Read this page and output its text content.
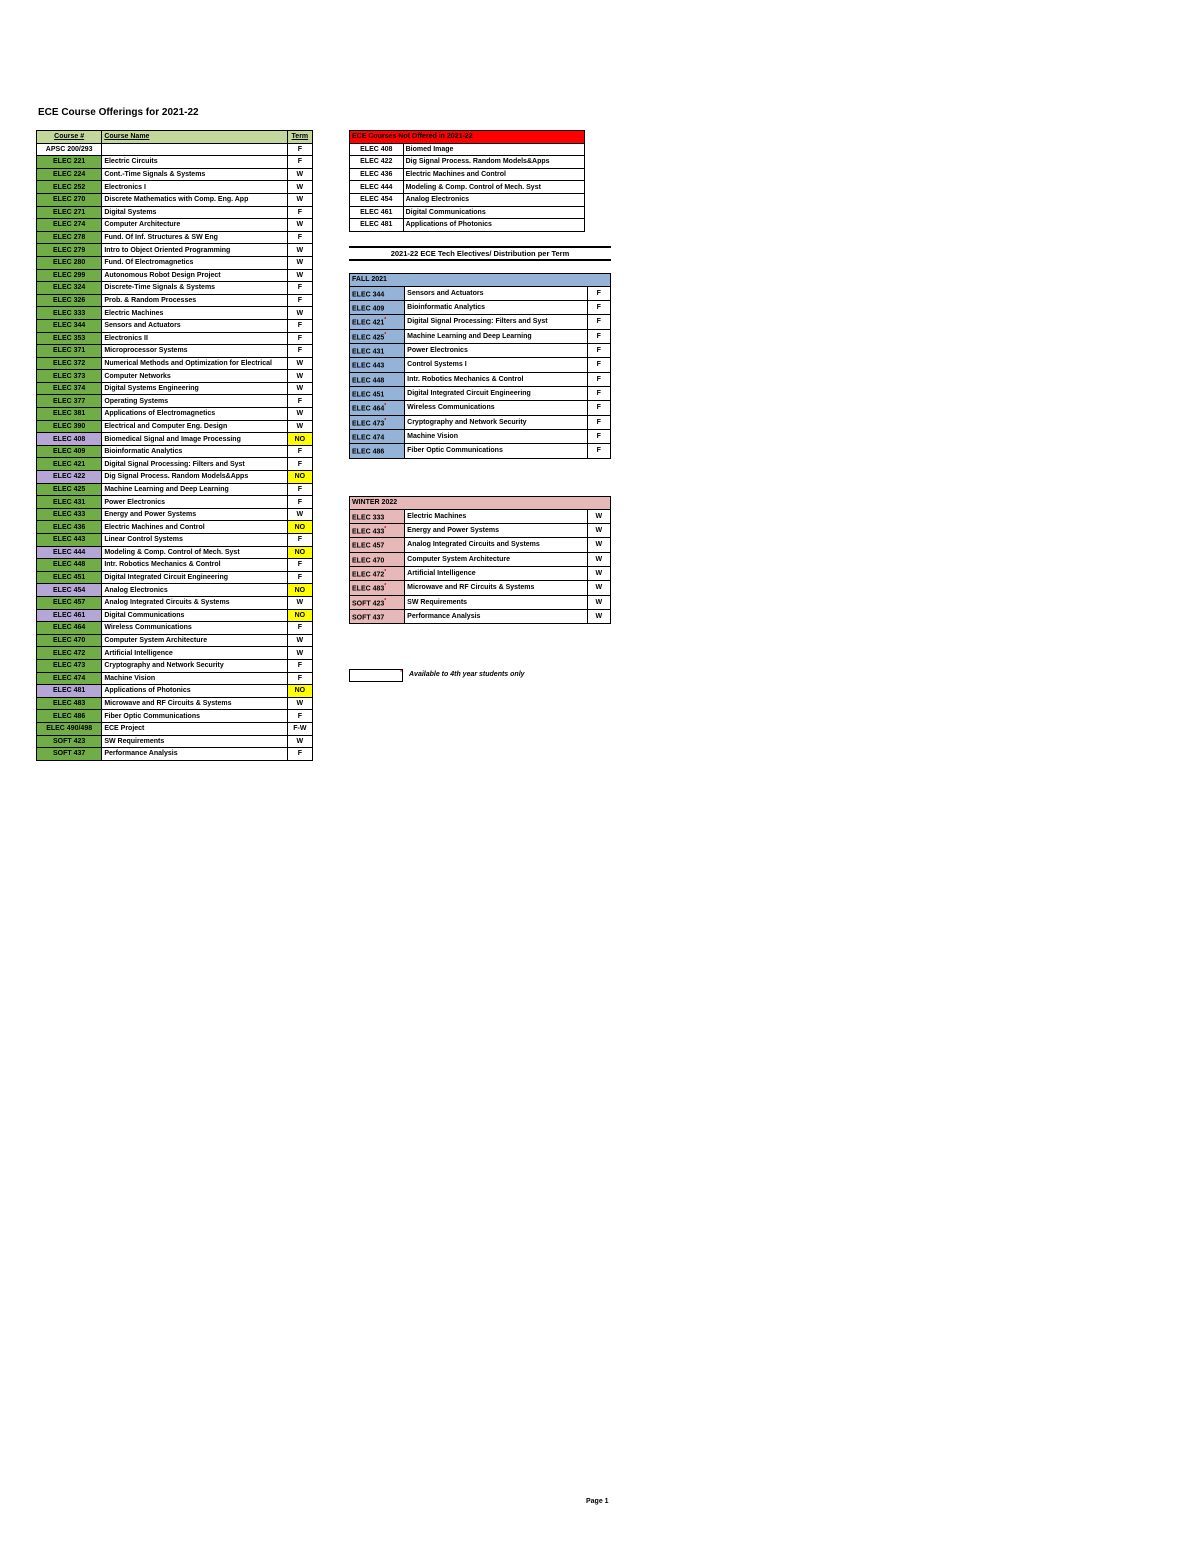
ECE Course Offerings for 2021-22
Course #	Course Name	Term
APSC 200/293		F
ELEC 221	Electric Circuits	F
ELEC 224	Cont.-Time Signals & Systems	W
ELEC 252	Electronics I	W
ELEC 270	Discrete Mathematics with Comp. Eng. App	W
ELEC 271	Digital Systems	F
ELEC 274	Computer Architecture	W
ELEC 278	Fund. Of Inf. Structures & SW Eng	F
ELEC 279	Intro to Object Oriented Programming	W
ELEC 280	Fund. Of Electromagnetics	W
ELEC 299	Autonomous Robot Design Project	W
ELEC 324	Discrete-Time Signals & Systems	F
ELEC 326	Prob. & Random Processes	F
ELEC 333	Electric Machines	W
ELEC 344	Sensors and Actuators	F
ELEC 353	Electronics II	F
ELEC 371	Microprocessor Systems	F
ELEC 372	Numerical Methods and Optimization for Electrical	W
ELEC 373	Computer Networks	W
ELEC 374	Digital Systems Engineering	W
ELEC 377	Operating Systems	F
ELEC 381	Applications of Electromagnetics	W
ELEC 390	Electrical and Computer Eng. Design	W
ELEC 408	Biomedical Signal and Image Processing	NO
ELEC 409	Bioinformatic Analytics	F
ELEC 421	Digital Signal Processing: Filters and Syst	F
ELEC 422	Dig Signal Process. Random Models&Apps	NO
ELEC 425	Machine Learning and Deep Learning	F
ELEC 431	Power Electronics	F
ELEC 433	Energy and Power Systems	W
ELEC 436	Electric Machines and Control	NO
ELEC 443	Linear Control Systems	F
ELEC 444	Modeling & Comp. Control of Mech. Syst	NO
ELEC 448	Intr. Robotics Mechanics & Control	F
ELEC 451	Digital Integrated Circuit Engineering	F
ELEC 454	Analog Electronics	NO
ELEC 457	Analog Integrated Circuits & Systems	W
ELEC 461	Digital Communications	NO
ELEC 464	Wireless Communications	F
ELEC 470	Computer System Architecture	W
ELEC 472	Artificial Intelligence	W
ELEC 473	Cryptography and Network Security	F
ELEC 474	Machine Vision	F
ELEC 481	Applications of Photonics	NO
ELEC 483	Microwave and RF Circuits & Systems	W
ELEC 486	Fiber Optic Communications	F
ELEC 490/498	ECE Project	F-W
SOFT 423	SW Requirements	W
SOFT 437	Performance Analysis	F
ECE Courses Not Offered in 2021-22	
ELEC 408	Biomed Image
ELEC 422	Dig Signal Process. Random Models&Apps
ELEC 436	Electric Machines and Control
ELEC 444	Modeling & Comp. Control of Mech. Syst
ELEC 454	Analog Electronics
ELEC 461	Digital Communications
ELEC 481	Applications of Photonics
2021-22 ECE Tech Electives/ Distribution per Term
FALL 2021		
ELEC 344	Sensors and Actuators	F
ELEC 409	Bioinformatic Analytics	F
ELEC 421*	Digital Signal Processing: Filters and Syst	F
ELEC 425*	Machine Learning and Deep Learning	F
ELEC 431	Power Electronics	F
ELEC 443	Control Systems I	F
ELEC 448	Intr. Robotics Mechanics & Control	F
ELEC 451	Digital Integrated Circuit Engineering	F
ELEC 464*	Wireless Communications	F
ELEC 473*	Cryptography and Network Security	F
ELEC 474	Machine Vision	F
ELEC 486	Fiber Optic Communications	F
WINTER 2022		
ELEC 333	Electric Machines	W
ELEC 433*	Energy and Power Systems	W
ELEC 457	Analog Integrated Circuits and Systems	W
ELEC 470	Computer System Architecture	W
ELEC 472*	Artificial Intelligence	W
ELEC 483*	Microwave and RF Circuits & Systems	W
SOFT 423*	SW Requirements	W
SOFT 437	Performance Analysis	W
* Available to 4th year students only
Page 1
